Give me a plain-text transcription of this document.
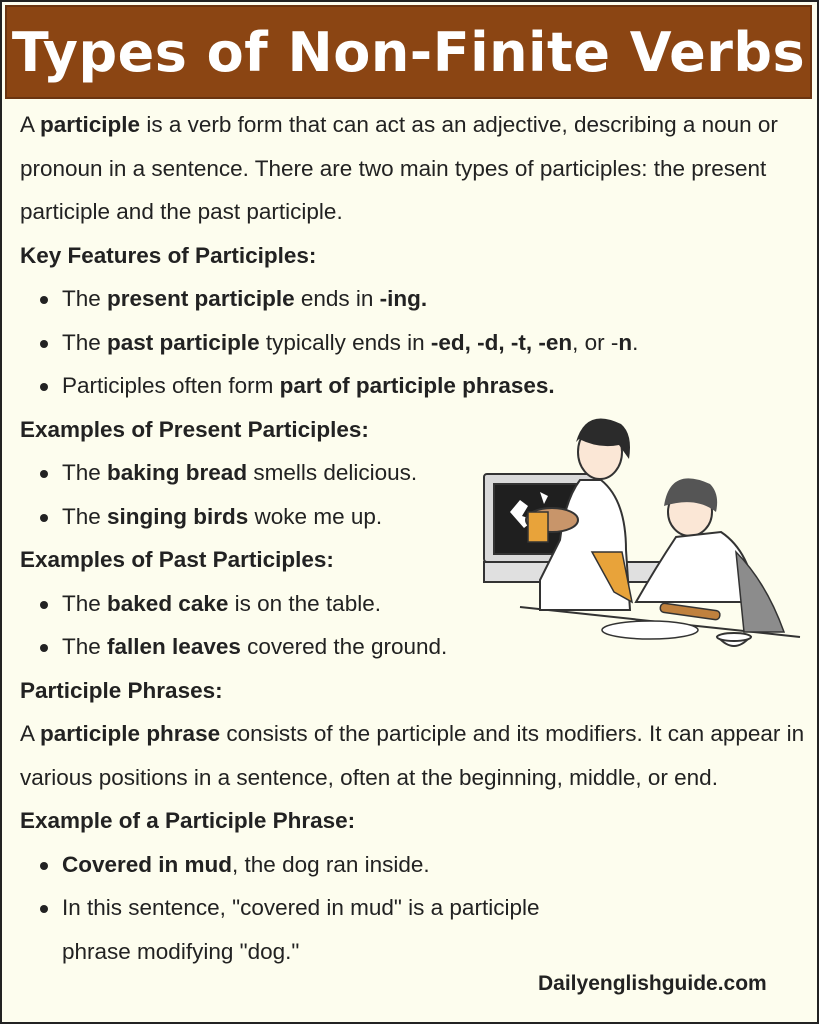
Types of Non-Finite Verbs

A participle is a verb form that can act as an adjective, describing a noun or pronoun in a sentence. There are two main types of participles: the present participle and the past participle.

Key Features of Participles:

The present participle ends in -ing.
The past participle typically ends in -ed, -d, -t, -en, or -n.
Participles often form part of participle phrases.

Examples of Present Participles:

The baking bread smells delicious.
The singing birds woke me up.

Examples of Past Participles:

The baked cake is on the table.
The fallen leaves covered the ground.

Participle Phrases:

A participle phrase consists of the participle and its modifiers. It can appear in various positions in a sentence, often at the beginning, middle, or end.

Example of a Participle Phrase:

Covered in mud, the dog ran inside.
In this sentence, "covered in mud" is a participle phrase modifying "dog."
Dailyenglishguide.com
